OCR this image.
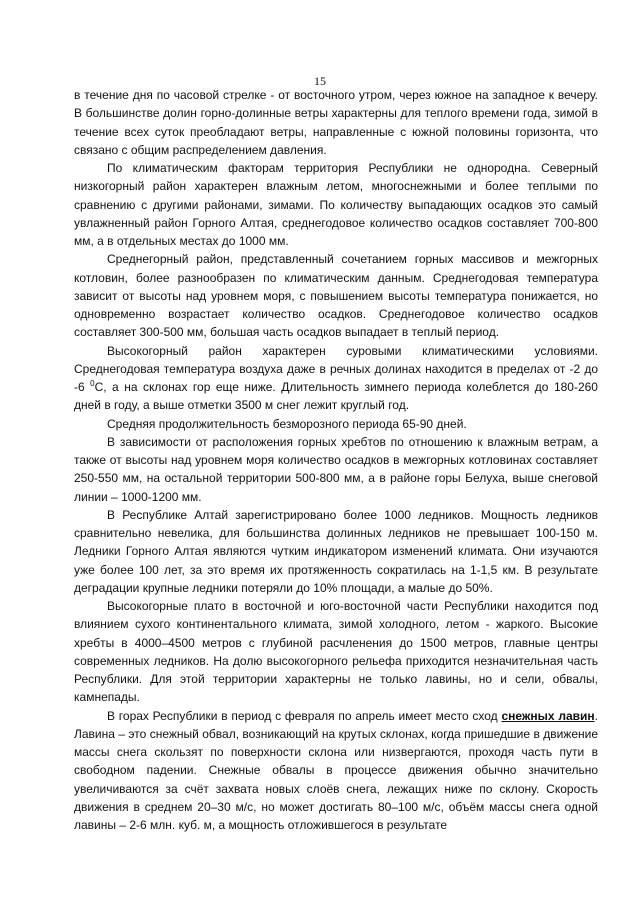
15

в течение дня по часовой стрелке - от восточного утром, через южное на западное к вечеру. В большинстве долин горно-долинные ветры характерны для теплого времени года, зимой в течение всех суток преобладают ветры, направленные с южной половины горизонта, что связано с общим распределением давления.

По климатическим факторам территория Республики не однородна. Северный низкогорный район характерен влажным летом, многоснежными и более теплыми по сравнению с другими районами, зимами. По количеству выпадающих осадков это самый увлажненный район Горного Алтая, среднегодовое количество осадков составляет 700-800 мм, а в отдельных местах до 1000 мм.

Среднегорный район, представленный сочетанием горных массивов и межгорных котловин, более разнообразен по климатическим данным. Среднегодовая температура зависит от высоты над уровнем моря, с повышением высоты температура понижается, но одновременно возрастает количество осадков. Среднегодовое количество осадков составляет 300-500 мм, большая часть осадков выпадает в теплый период.

Высокогорный район характерен суровыми климатическими условиями. Среднегодовая температура воздуха даже в речных долинах находится в пределах от -2 до -6 $^0$С, а на склонах гор еще ниже. Длительность зимнего периода колеблется до 180-260 дней в году, а выше отметки 3500 м снег лежит круглый год.

Средняя продолжительность безморозного периода 65-90 дней.

В зависимости от расположения горных хребтов по отношению к влажным ветрам, а также от высоты над уровнем моря количество осадков в межгорных котловинах составляет 250-550 мм, на остальной территории 500-800 мм, а в районе горы Белуха, выше снеговой линии – 1000-1200 мм.

В Республике Алтай зарегистрировано более 1000 ледников. Мощность ледников сравнительно невелика, для большинства долинных ледников не превышает 100-150 м. Ледники Горного Алтая являются чутким индикатором изменений климата. Они изучаются уже более 100 лет, за это время их протяженность сократилась на 1-1,5 км. В результате деградации крупные ледники потеряли до 10% площади, а малые до 50%.

Высокогорные плато в восточной и юго-восточной части Республики находится под влиянием сухого континентального климата, зимой холодного, летом - жаркого. Высокие хребты в 4000–4500 метров с глубиной расчленения до 1500 метров, главные центры современных ледников. На долю высокогорного рельефа приходится незначительная часть Республики. Для этой территории характерны не только лавины, но и сели, обвалы, камнепады.

В горах Республики в период с февраля по апрель имеет место сход снежных лавин. Лавина – это снежный обвал, возникающий на крутых склонах, когда пришедшие в движение массы снега скользят по поверхности склона или низвергаются, проходя часть пути в свободном падении. Снежные обвалы в процессе движения обычно значительно увеличиваются за счёт захвата новых слоёв снега, лежащих ниже по склону. Скорость движения в среднем 20–30 м/с, но может достигать 80–100 м/с, объём массы снега одной лавины – 2-6 млн. куб. м, а мощность отложившегося в результате
